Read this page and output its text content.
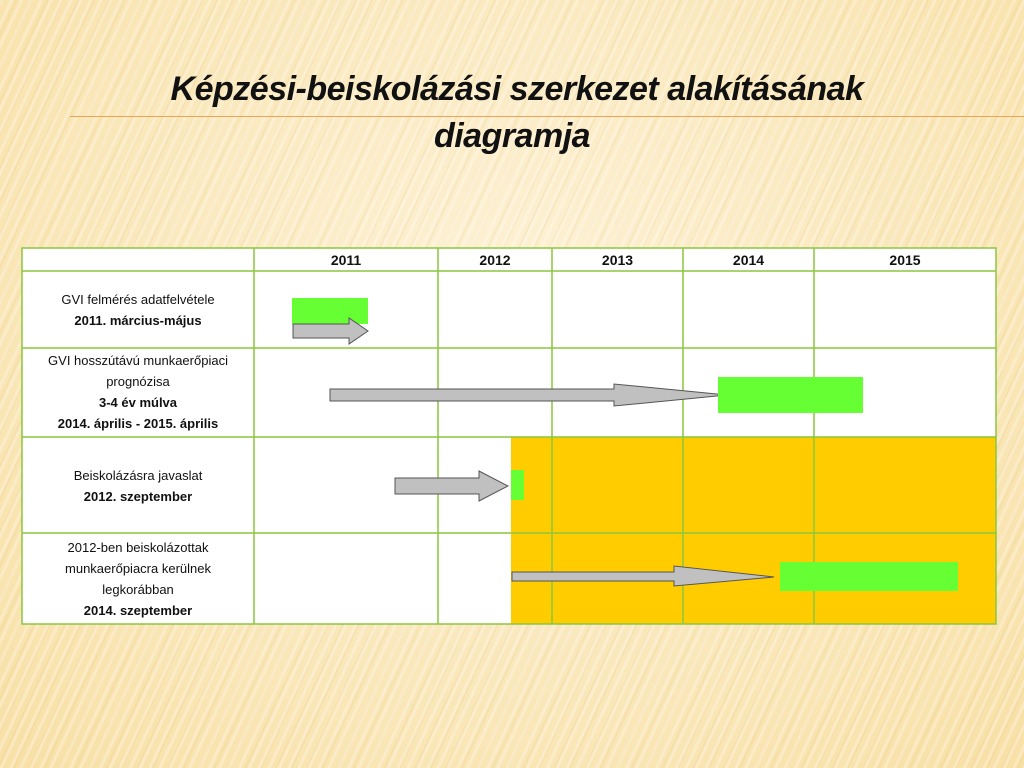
Képzési-beiskolázási szerkezet alakításának
diagramja
2011	2012	2013	2014	2015
GVI felmérés adatfelvétele
2011. március-május
GVI hosszútávú munkaerőpiaci
prognózisa
3-4 év múlva
2014. április - 2015. április
Beiskolázásra javaslat
2012. szeptember
2012-ben beiskolázottak
munkaerőpiacra kerülnek
legkorábban
2014. szeptember
